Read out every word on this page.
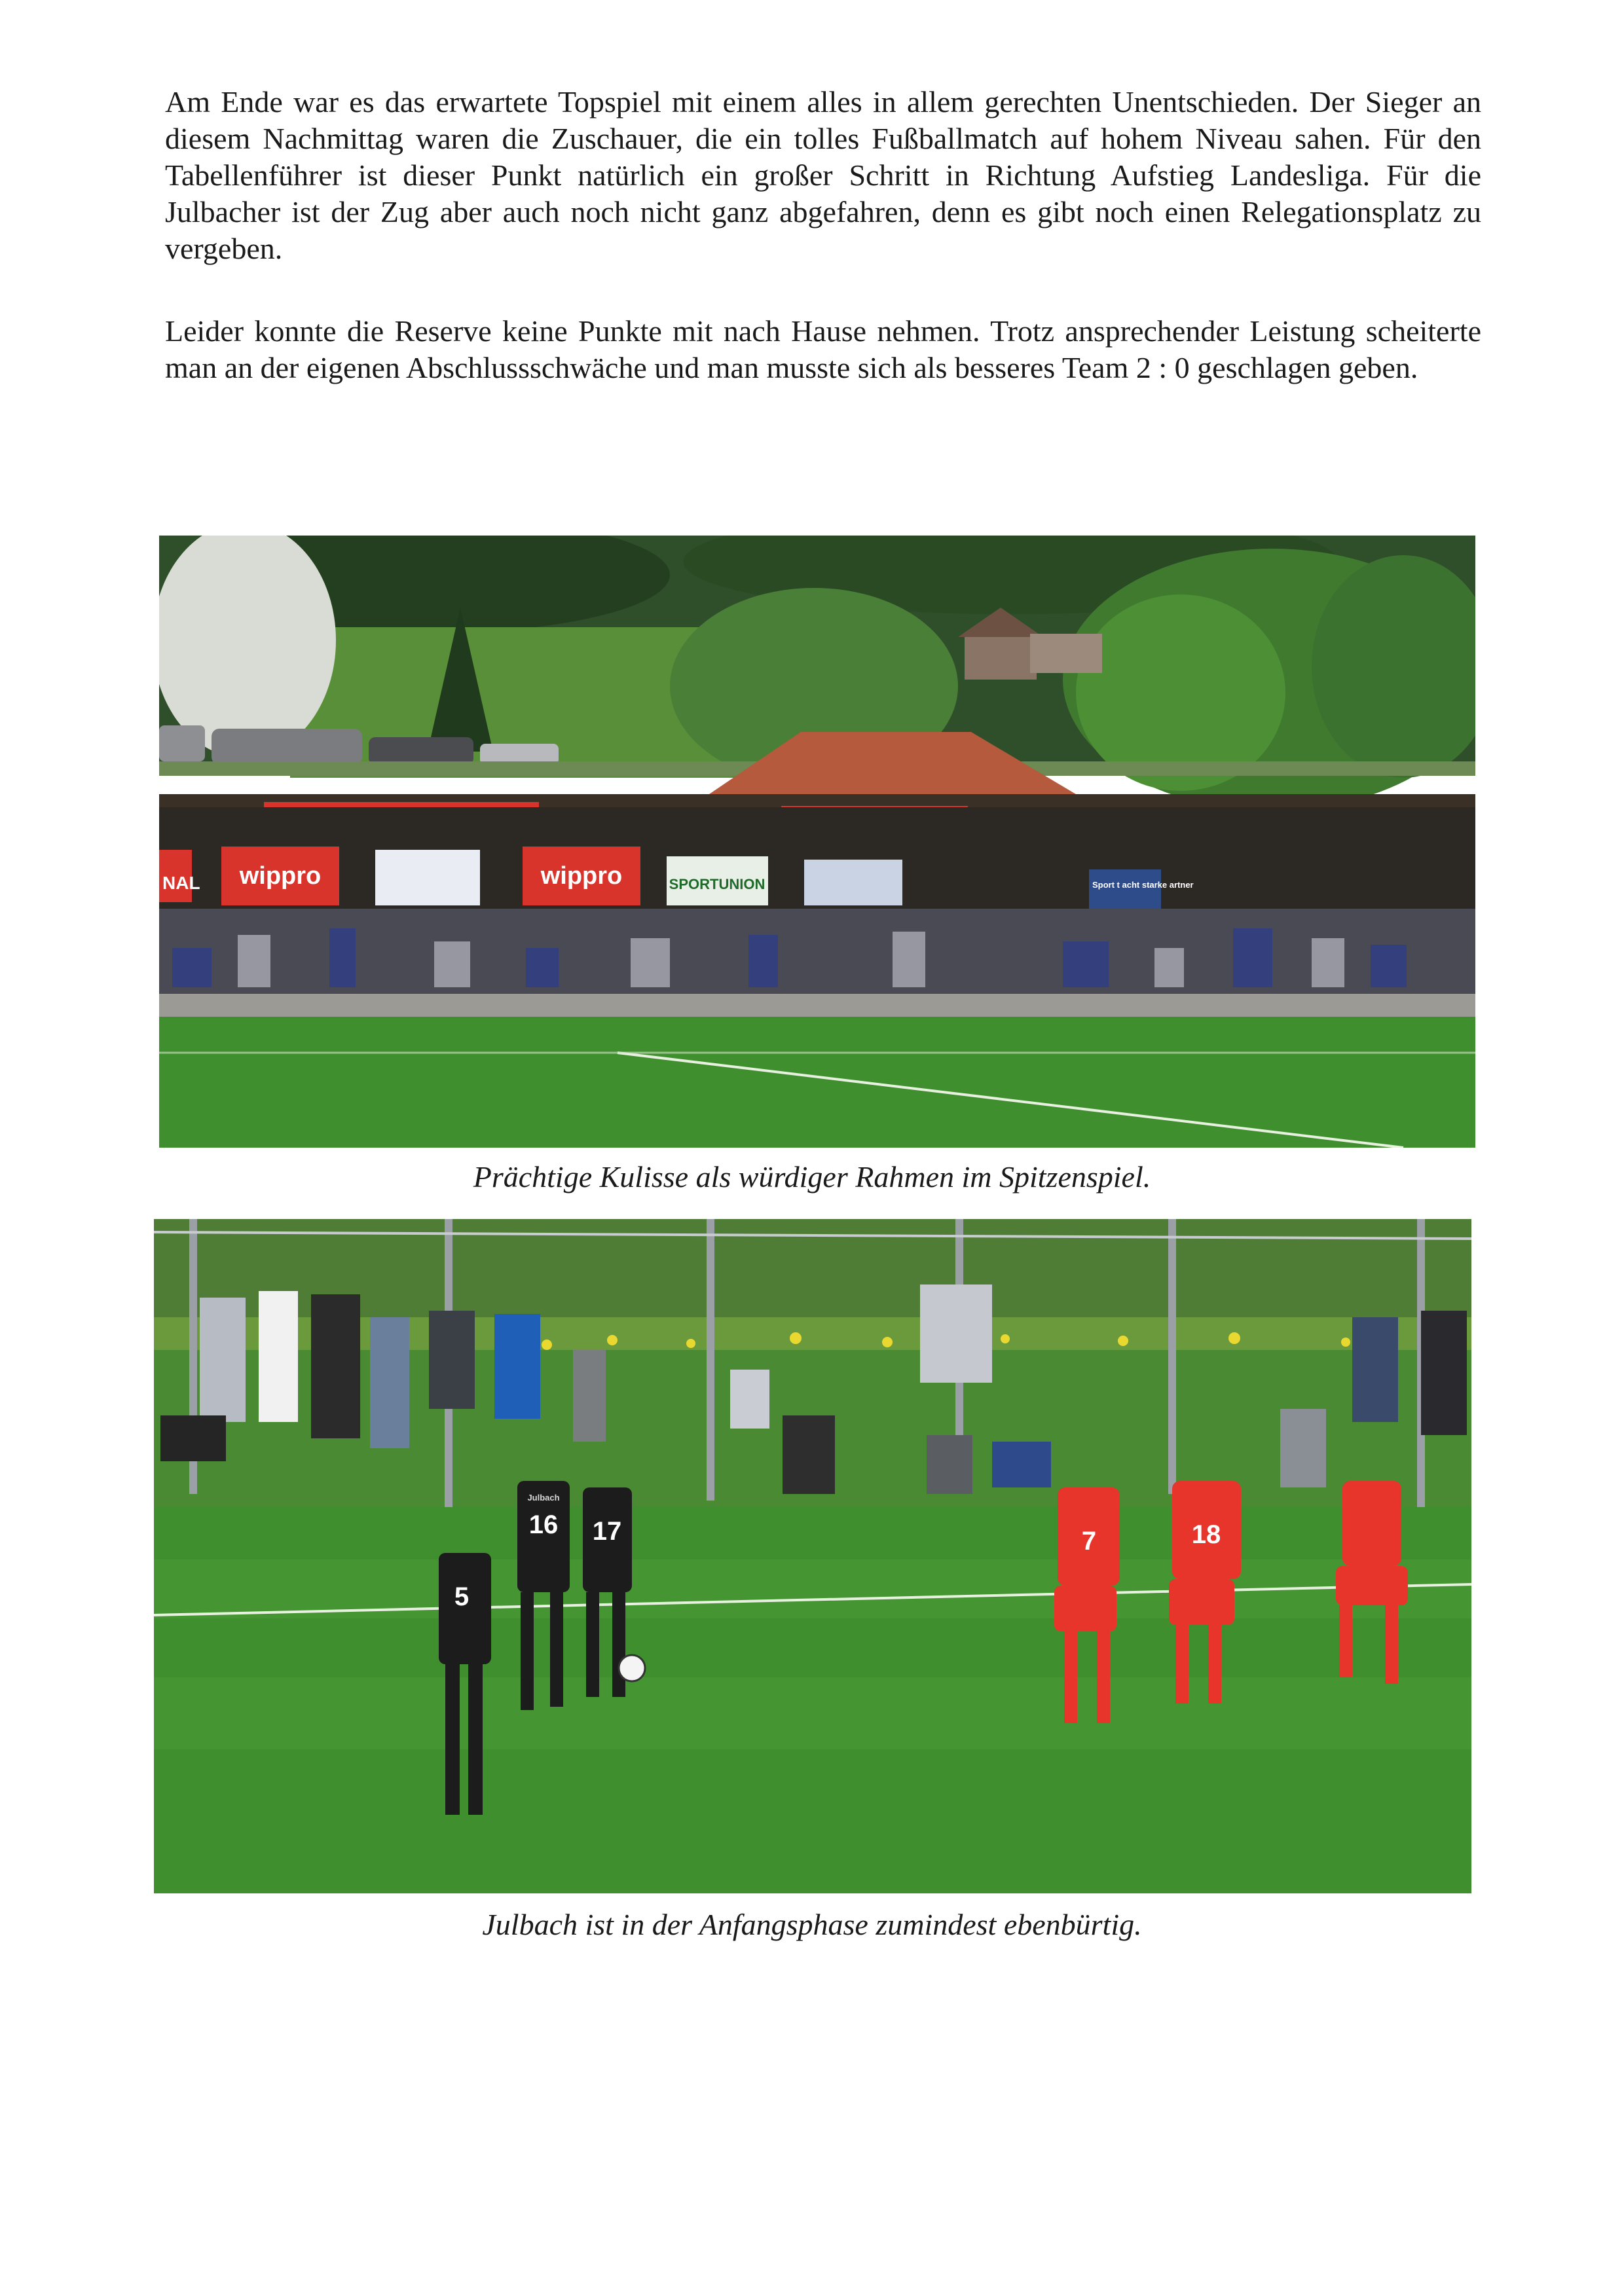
Am Ende war es das erwartete Topspiel mit einem alles in allem gerechten Unentschieden. Der Sieger an diesem Nachmittag waren die Zuschauer, die ein tolles Fußballmatch auf hohem Niveau sahen. Für den Tabellenführer ist dieser Punkt natürlich ein großer Schritt in Richtung Aufstieg Landesliga. Für die Julbacher ist der Zug aber auch noch nicht ganz abgefahren, denn es gibt noch einen Relegationsplatz zu vergeben.

Leider konnte die Reserve keine Punkte mit nach Hause nehmen. Trotz ansprechender Leistung scheiterte man an der eigenen Abschlussschwäche und man musste sich als besseres Team 2 : 0 geschlagen geben.

NAL wippro	wippro	SPORTUNION	Sport t acht starke artner
Prächtige Kulisse als würdiger Rahmen im Spitzenspiel.
16 17
5
Julbach
7	18
Julbach ist in der Anfangsphase zumindest ebenbürtig.
